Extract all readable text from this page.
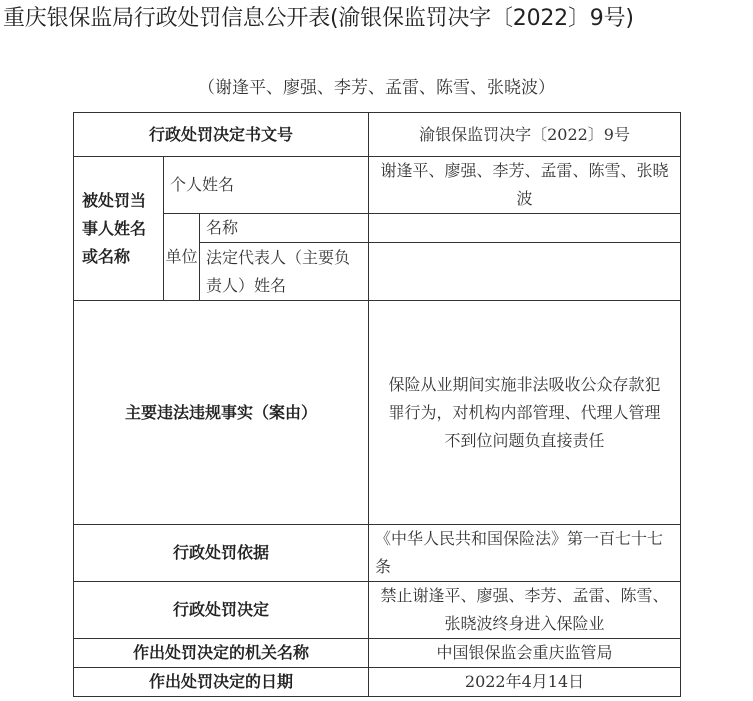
重庆银保监局行政处罚信息公开表(渝银保监罚决字〔2022〕9号)
（谢逢平、廖强、李芳、孟雷、陈雪、张晓波）
行政处罚决定书文号			渝银保监罚决字〔2022〕9号
被处罚当事人姓名或名称	个人姓名		谢逢平、廖强、李芳、孟雷、陈雪、张晓波
	单位	名称	
		法定代表人（主要负责人）姓名	
主要违法违规事实（案由）			保险从业期间实施非法吸收公众存款犯罪行为，对机构内部管理、代理人管理不到位问题负直接责任
行政处罚依据			《中华人民共和国保险法》第一百七十七条
行政处罚决定			禁止谢逢平、廖强、李芳、孟雷、陈雪、张晓波终身进入保险业
作出处罚决定的机关名称			中国银保监会重庆监管局
作出处罚决定的日期			2022年4月14日
